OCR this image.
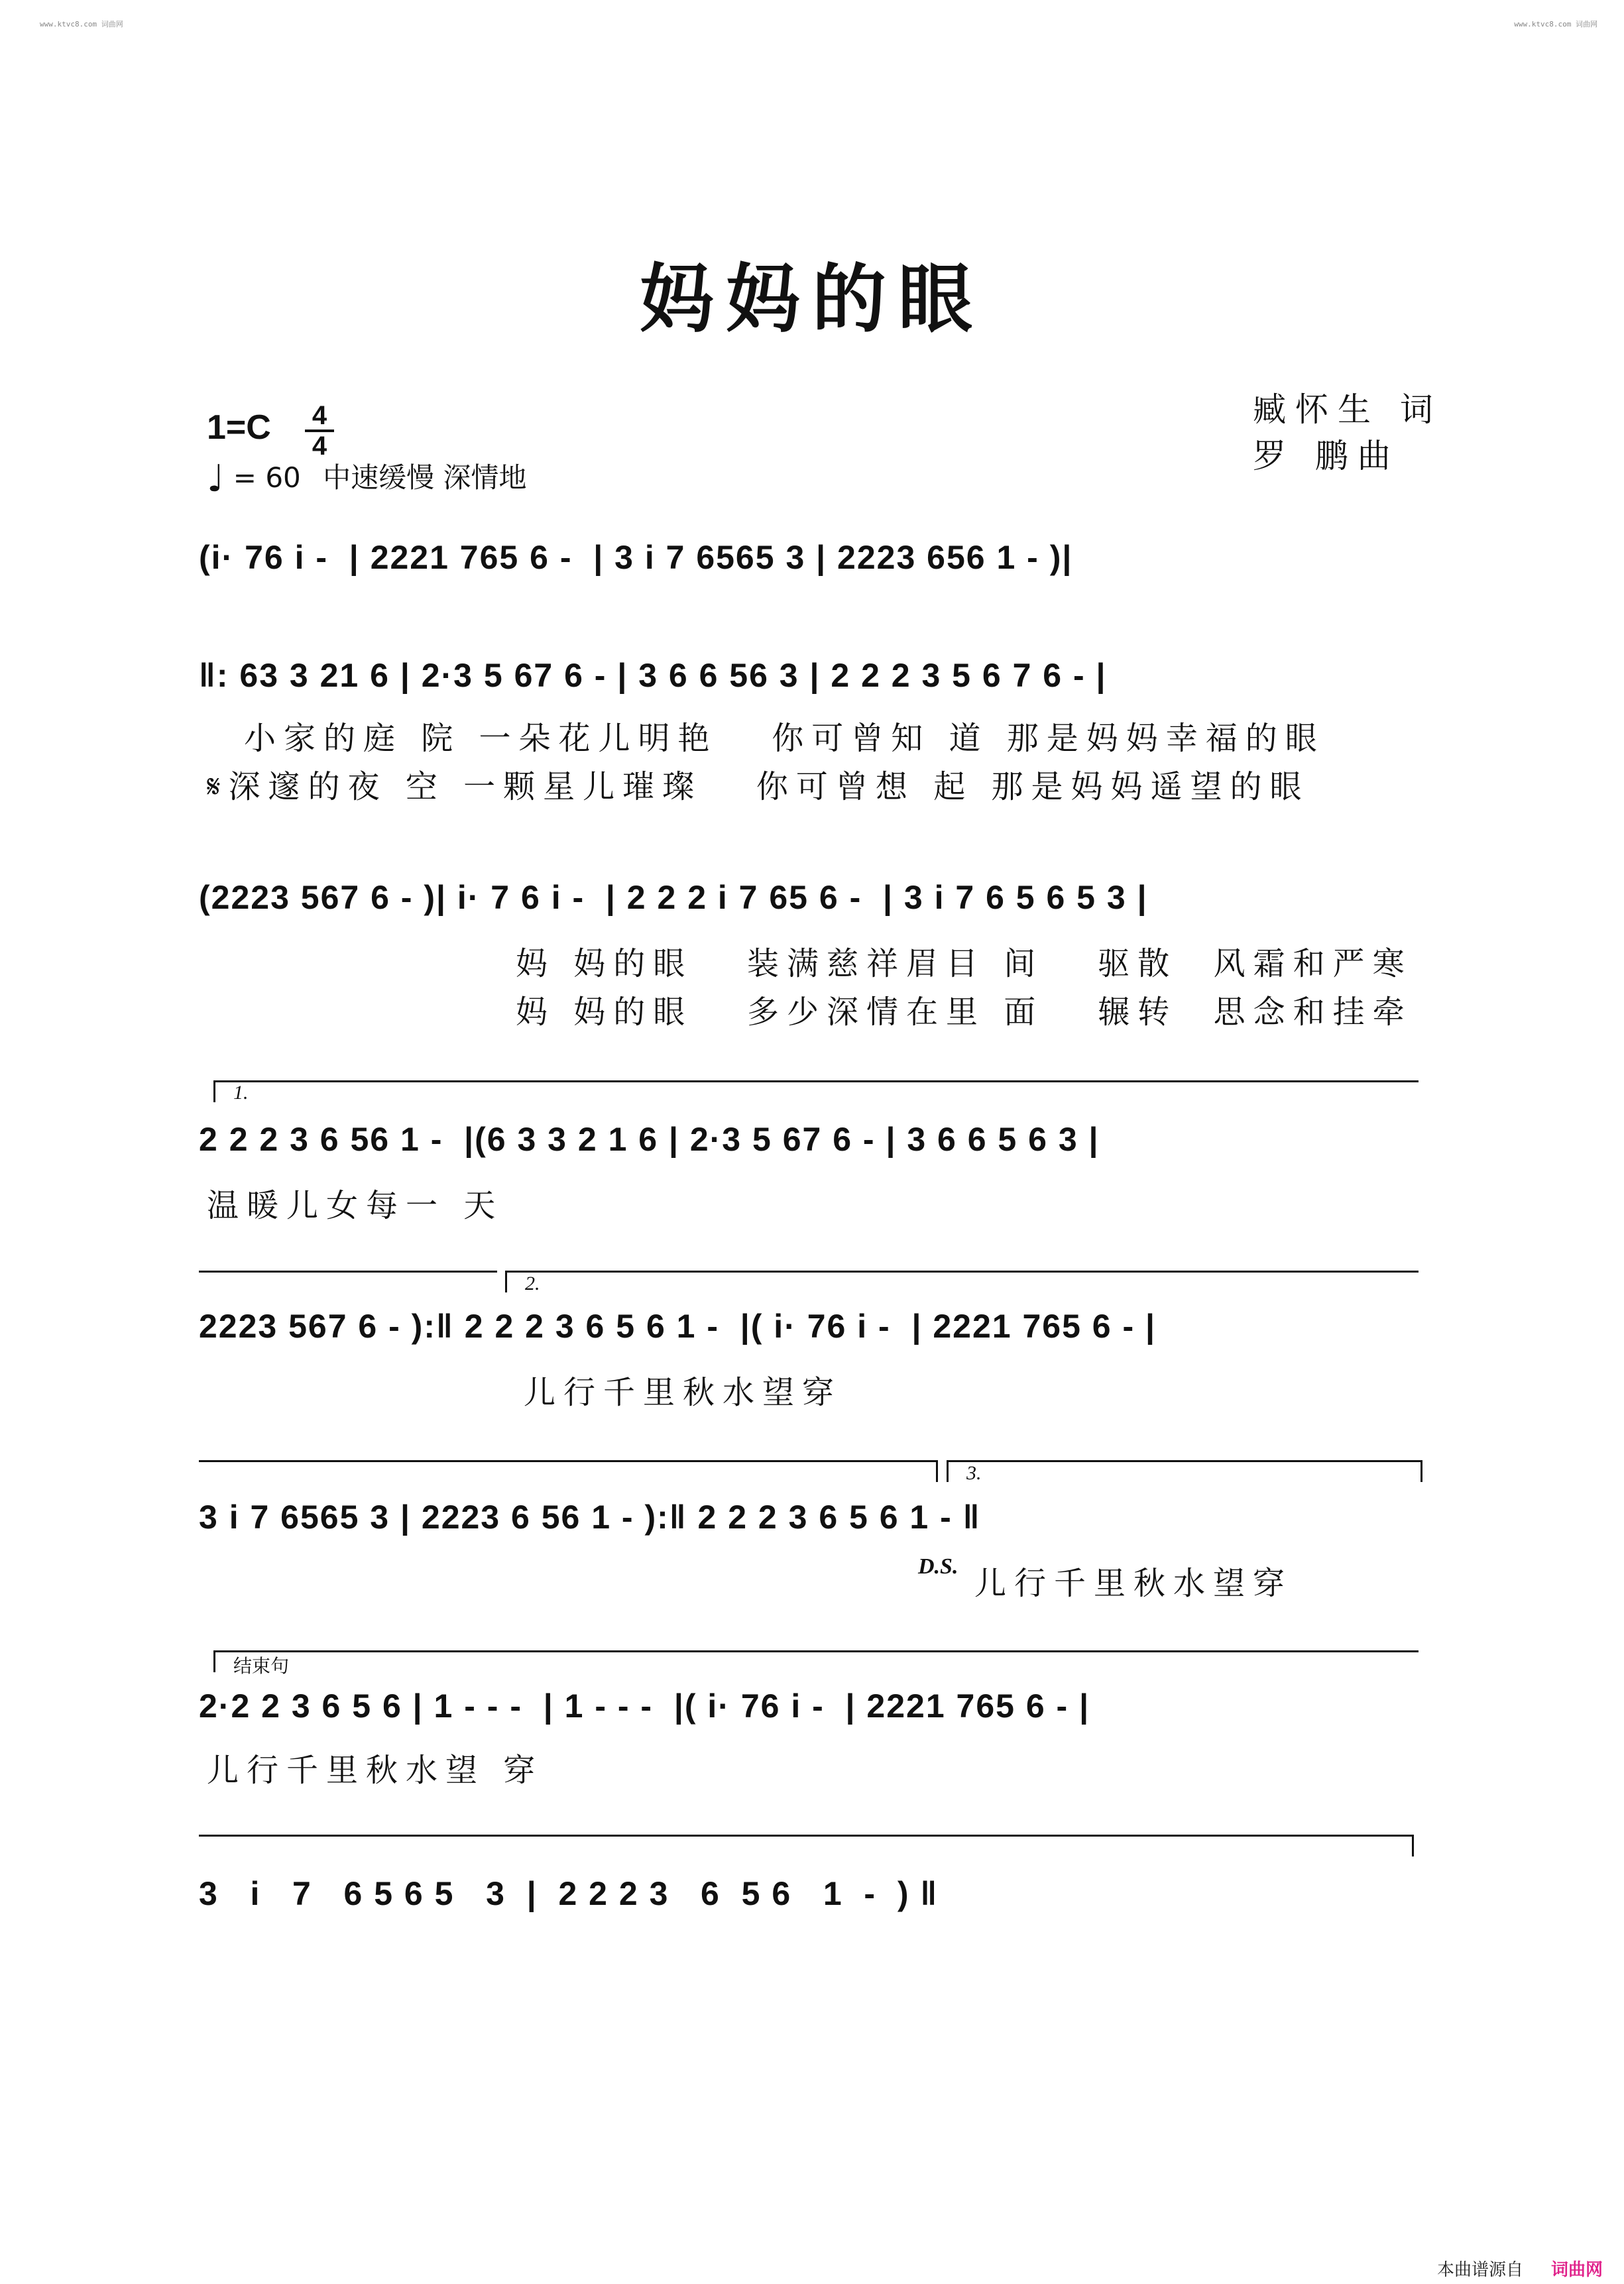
www.ktvc8.com 词曲网	www.ktvc8.com 词曲网
妈妈的眼
臧怀生 词
罗 鹏曲
1=C 4
4
♩ = 60 中速缓慢 深情地
(i· 76 i -  | 2221 765 6 -  | 3 i 7 6565 3 | 2223 656 1 - )|
‖: 63 3 21 6 | 2·3 5 67 6 - | 3 6 6 56 3 | 2 2 2 3 5 6 7 6 - |
小家的庭 院 一朵花儿明艳   你可曾知 道 那是妈妈幸福的眼
𝄋深邃的夜 空 一颗星儿璀璨   你可曾想 起 那是妈妈遥望的眼
(2223 567 6 - )| i· 7 6 i -  | 2 2 2 i 7 65 6 -  | 3 i 7 6 5 6 5 3 |
妈 妈的眼   装满慈祥眉目 间   驱散  风霜和严寒
妈 妈的眼   多少深情在里 面   辗转  思念和挂牵
1.
2 2 2 3 6 56 1 -  |(6 3 3 2 1 6 | 2·3 5 67 6 - | 3 6 6 5 6 3 |
温暖儿女每一 天
2.
2223 567 6 - ):‖ 2 2 2 3 6 5 6 1 -  |( i· 76 i -  | 2221 765 6 - |
儿行千里秋水望穿
3.
3 i 7 6565 3 | 2223 6 56 1 - ):‖ 2 2 2 3 6 5 6 1 - ‖
D.S. 儿行千里秋水望穿
结束句
2·2 2 3 6 5 6 | 1 - - -  | 1 - - -  |( i· 76 i -  | 2221 765 6 - |
儿行千里秋水望 穿
3   i   7   6 5 6 5   3  |  2 2 2 3   6  5 6   1  -  ) ‖
本曲谱源自 词曲网
